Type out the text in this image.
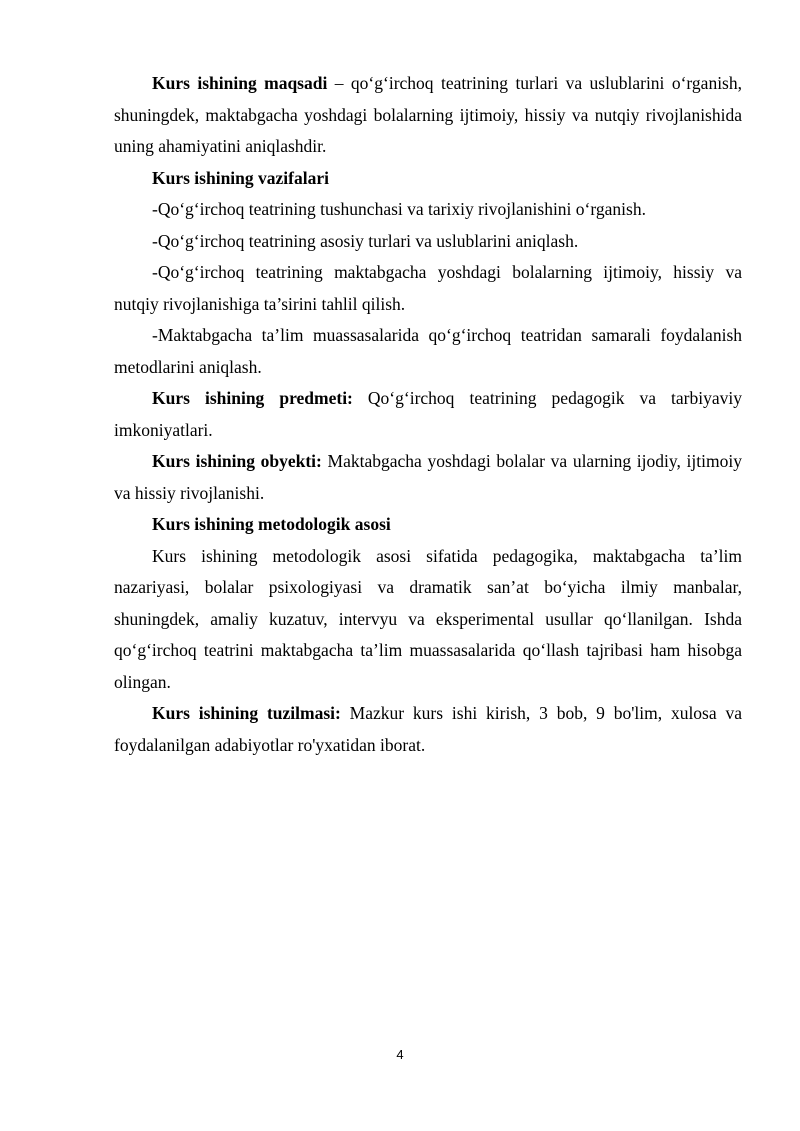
Kurs ishining maqsadi – qo‘g‘irchoq teatrining turlari va uslublarini o‘rganish, shuningdek, maktabgacha yoshdagi bolalarning ijtimoiy, hissiy va nutqiy rivojlanishida uning ahamiyatini aniqlashdir.

Kurs ishining vazifalari

-Qo‘g‘irchoq teatrining tushunchasi va tarixiy rivojlanishini o‘rganish.

-Qo‘g‘irchoq teatrining asosiy turlari va uslublarini aniqlash.

-Qo‘g‘irchoq teatrining maktabgacha yoshdagi bolalarning ijtimoiy, hissiy va nutqiy rivojlanishiga ta’sirini tahlil qilish.

-Maktabgacha ta’lim muassasalarida qo‘g‘irchoq teatridan samarali foydalanish metodlarini aniqlash.

Kurs ishining predmeti: Qo‘g‘irchoq teatrining pedagogik va tarbiyaviy imkoniyatlari.

Kurs ishining obyekti: Maktabgacha yoshdagi bolalar va ularning ijodiy, ijtimoiy va hissiy rivojlanishi.

Kurs ishining metodologik asosi

Kurs ishining metodologik asosi sifatida pedagogika, maktabgacha ta’lim nazariyasi, bolalar psixologiyasi va dramatik san’at bo‘yicha ilmiy manbalar, shuningdek, amaliy kuzatuv, intervyu va eksperimental usullar qo‘llanilgan. Ishda qo‘g‘irchoq teatrini maktabgacha ta’lim muassasalarida qo‘llash tajribasi ham hisobga olingan.

Kurs ishining tuzilmasi: Mazkur kurs ishi kirish, 3 bob, 9 bo'lim, xulosa va foydalanilgan adabiyotlar ro'yxatidan iborat.

4
